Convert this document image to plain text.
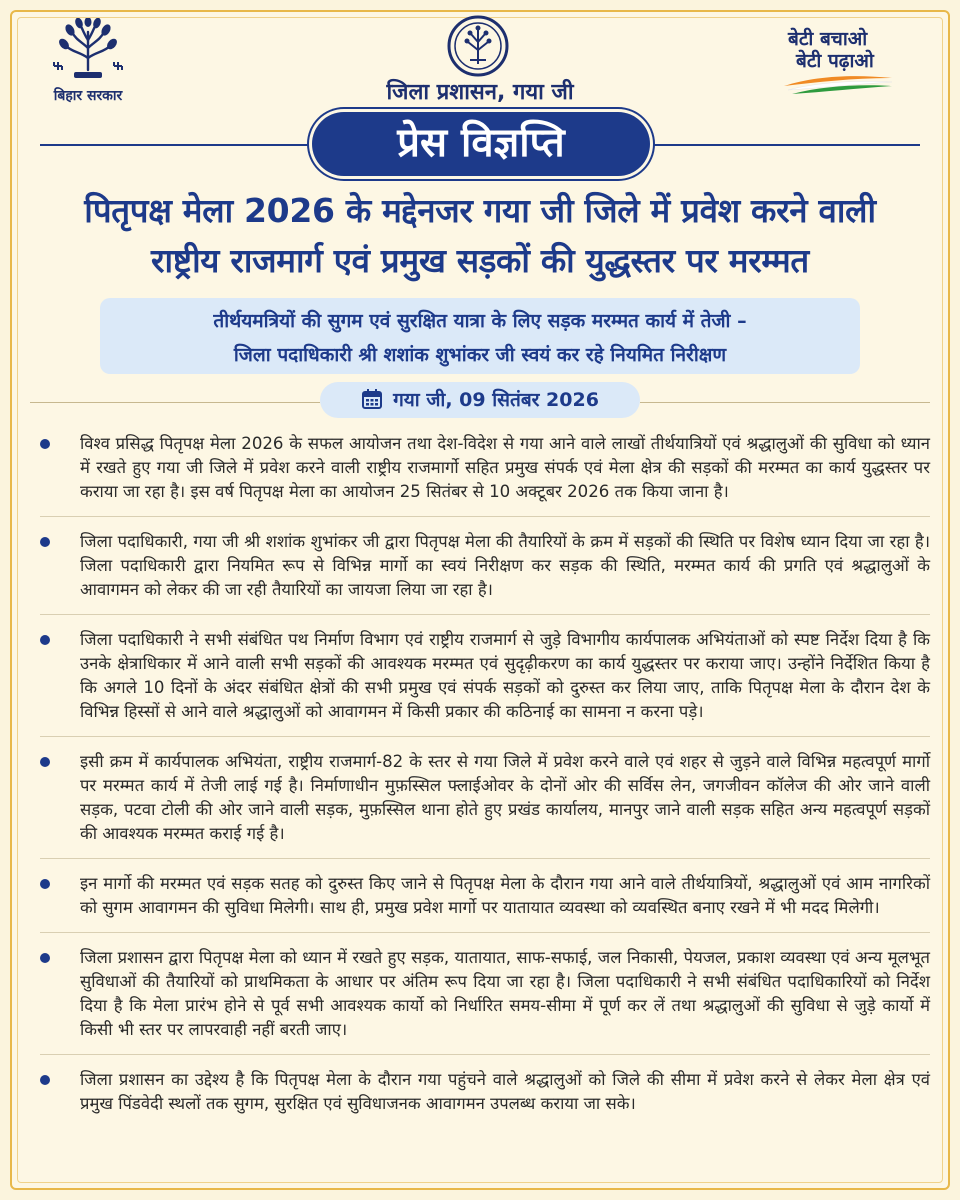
बिहार सरकार	जिला प्रशासन, गया जी
बेटी बचाओ
बेटी पढ़ाओ
प्रेस विज्ञप्ति
पितृपक्ष मेला 2026 के मद्देनजर गया जी जिले में प्रवेश करने वाली
राष्ट्रीय राजमार्ग एवं प्रमुख सड़कों की युद्धस्तर पर मरम्मत
तीर्थयमत्रियों की सुगम एवं सुरक्षित यात्रा के लिए सड़क मरम्मत कार्य में तेजी –
जिला पदाधिकारी श्री शशांक शुभांकर जी स्वयं कर रहे नियमित निरीक्षण
गया जी, 09 सितंबर 2026
विश्व प्रसिद्ध पितृपक्ष मेला 2026 के सफल आयोजन तथा देश-विदेश से गया आने वाले लाखों तीर्थयात्रियों एवं श्रद्धालुओं की सुविधा को ध्यान में रखते हुए गया जी जिले में प्रवेश करने वाली राष्ट्रीय राजमार्गो सहित प्रमुख संपर्क एवं मेला क्षेत्र की सड़कों की मरम्मत का कार्य युद्धस्तर पर कराया जा रहा है। इस वर्ष पितृपक्ष मेला का आयोजन 25 सितंबर से 10 अक्टूबर 2026 तक किया जाना है।
जिला पदाधिकारी, गया जी श्री शशांक शुभांकर जी द्वारा पितृपक्ष मेला की तैयारियों के क्रम में सड़कों की स्थिति पर विशेष ध्यान दिया जा रहा है। जिला पदाधिकारी द्वारा नियमित रूप से विभिन्न मार्गो का स्वयं निरीक्षण कर सड़क की स्थिति, मरम्मत कार्य की प्रगति एवं श्रद्धालुओं के आवागमन को लेकर की जा रही तैयारियों का जायजा लिया जा रहा है।
जिला पदाधिकारी ने सभी संबंधित पथ निर्माण विभाग एवं राष्ट्रीय राजमार्ग से जुड़े विभागीय कार्यपालक अभियंताओं को स्पष्ट निर्देश दिया है कि उनके क्षेत्राधिकार में आने वाली सभी सड़कों की आवश्यक मरम्मत एवं सुदृढ़ीकरण का कार्य युद्धस्तर पर कराया जाए। उन्होंने निर्देशित किया है कि अगले 10 दिनों के अंदर संबंधित क्षेत्रों की सभी प्रमुख एवं संपर्क सड़कों को दुरुस्त कर लिया जाए, ताकि पितृपक्ष मेला के दौरान देश के विभिन्न हिस्सों से आने वाले श्रद्धालुओं को आवागमन में किसी प्रकार की कठिनाई का सामना न करना पड़े।
इसी क्रम में कार्यपालक अभियंता, राष्ट्रीय राजमार्ग-82 के स्तर से गया जिले में प्रवेश करने वाले एवं शहर से जुड़ने वाले विभिन्न महत्वपूर्ण मार्गो पर मरम्मत कार्य में तेजी लाई गई है। निर्माणाधीन मुफ़स्सिल फ्लाईओवर के दोनों ओर की सर्विस लेन, जगजीवन कॉलेज की ओर जाने वाली सड़क, पटवा टोली की ओर जाने वाली सड़क, मुफ़स्सिल थाना होते हुए प्रखंड कार्यालय, मानपुर जाने वाली सड़क सहित अन्य महत्वपूर्ण सड़कों की आवश्यक मरम्मत कराई गई है।
इन मार्गो की मरम्मत एवं सड़क सतह को दुरुस्त किए जाने से पितृपक्ष मेला के दौरान गया आने वाले तीर्थयात्रियों, श्रद्धालुओं एवं आम नागरिकों को सुगम आवागमन की सुविधा मिलेगी। साथ ही, प्रमुख प्रवेश मार्गो पर यातायात व्यवस्था को व्यवस्थित बनाए रखने में भी मदद मिलेगी।
जिला प्रशासन द्वारा पितृपक्ष मेला को ध्यान में रखते हुए सड़क, यातायात, साफ-सफाई, जल निकासी, पेयजल, प्रकाश व्यवस्था एवं अन्य मूलभूत सुविधाओं की तैयारियों को प्राथमिकता के आधार पर अंतिम रूप दिया जा रहा है। जिला पदाधिकारी ने सभी संबंधित पदाधिकारियों को निर्देश दिया है कि मेला प्रारंभ होने से पूर्व सभी आवश्यक कार्यो को निर्धारित समय-सीमा में पूर्ण कर लें तथा श्रद्धालुओं की सुविधा से जुड़े कार्यो में किसी भी स्तर पर लापरवाही नहीं बरती जाए।
जिला प्रशासन का उद्देश्य है कि पितृपक्ष मेला के दौरान गया पहुंचने वाले श्रद्धालुओं को जिले की सीमा में प्रवेश करने से लेकर मेला क्षेत्र एवं प्रमुख पिंडवेदी स्थलों तक सुगम, सुरक्षित एवं सुविधाजनक आवागमन उपलब्ध कराया जा सके।
